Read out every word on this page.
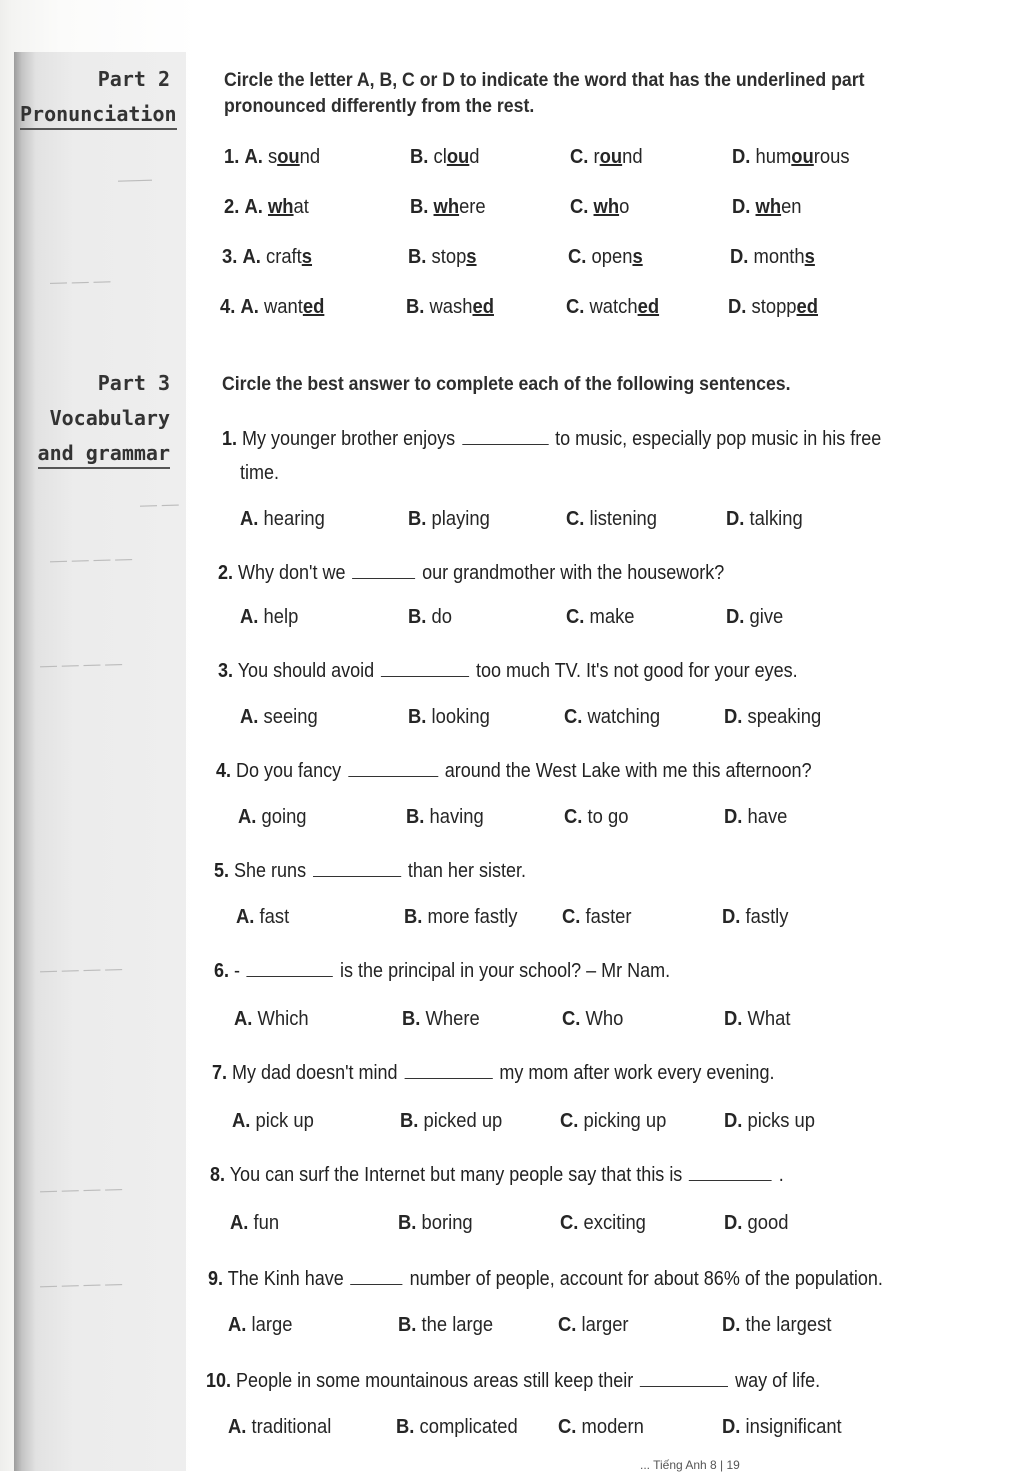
——
— — —
— —
— — — —
— — — —
— — — —
— — — —
— — — —
Part 2
Pronunciation
Circle the letter A, B, C or D to indicate the word that has the underlined part pronounced differently from the rest.
1. A. sound	B. cloud	C. round	D. humourous
2. A. what	B. where	C. who	D. when
3. A. crafts	B. stops	C. opens	D. months
4. A. wanted	B. washed	C. watched	D. stopped
Part 3
Vocabulary
and grammar
Circle the best answer to complete each of the following sentences.
1. My younger brother enjoys	to music, especially pop music in his free
time.
A. hearing	B. playing	C. listening	D. talking
2. Why don't we	our grandmother with the housework?
A. help	B. do	C. make	D. give
3. You should avoid	too much TV. It's not good for your eyes.
A. seeing	B. looking	C. watching	D. speaking
4. Do you fancy	around the West Lake with me this afternoon?
A. going	B. having	C. to go	D. have
5. She runs	than her sister.
A. fast	B. more fastly C. faster	D. fastly
6. -	is the principal in your school? – Mr Nam.
A. Which	B. Where	C. Who	D. What
7. My dad doesn't mind	my mom after work every evening.
A. pick up	B. picked up	C. picking up	D. picks up
8. You can surf the Internet but many people say that this is	.
A. fun	B. boring	C. exciting	D. good
9. The Kinh have	number of people, account for about 86% of the population.
A. large	B. the large	C. larger	D. the largest
10. People in some mountainous areas still keep their	way of life.
A. traditional	B. complicated C. modern	D. insignificant
... Tiếng Anh 8 | 19
